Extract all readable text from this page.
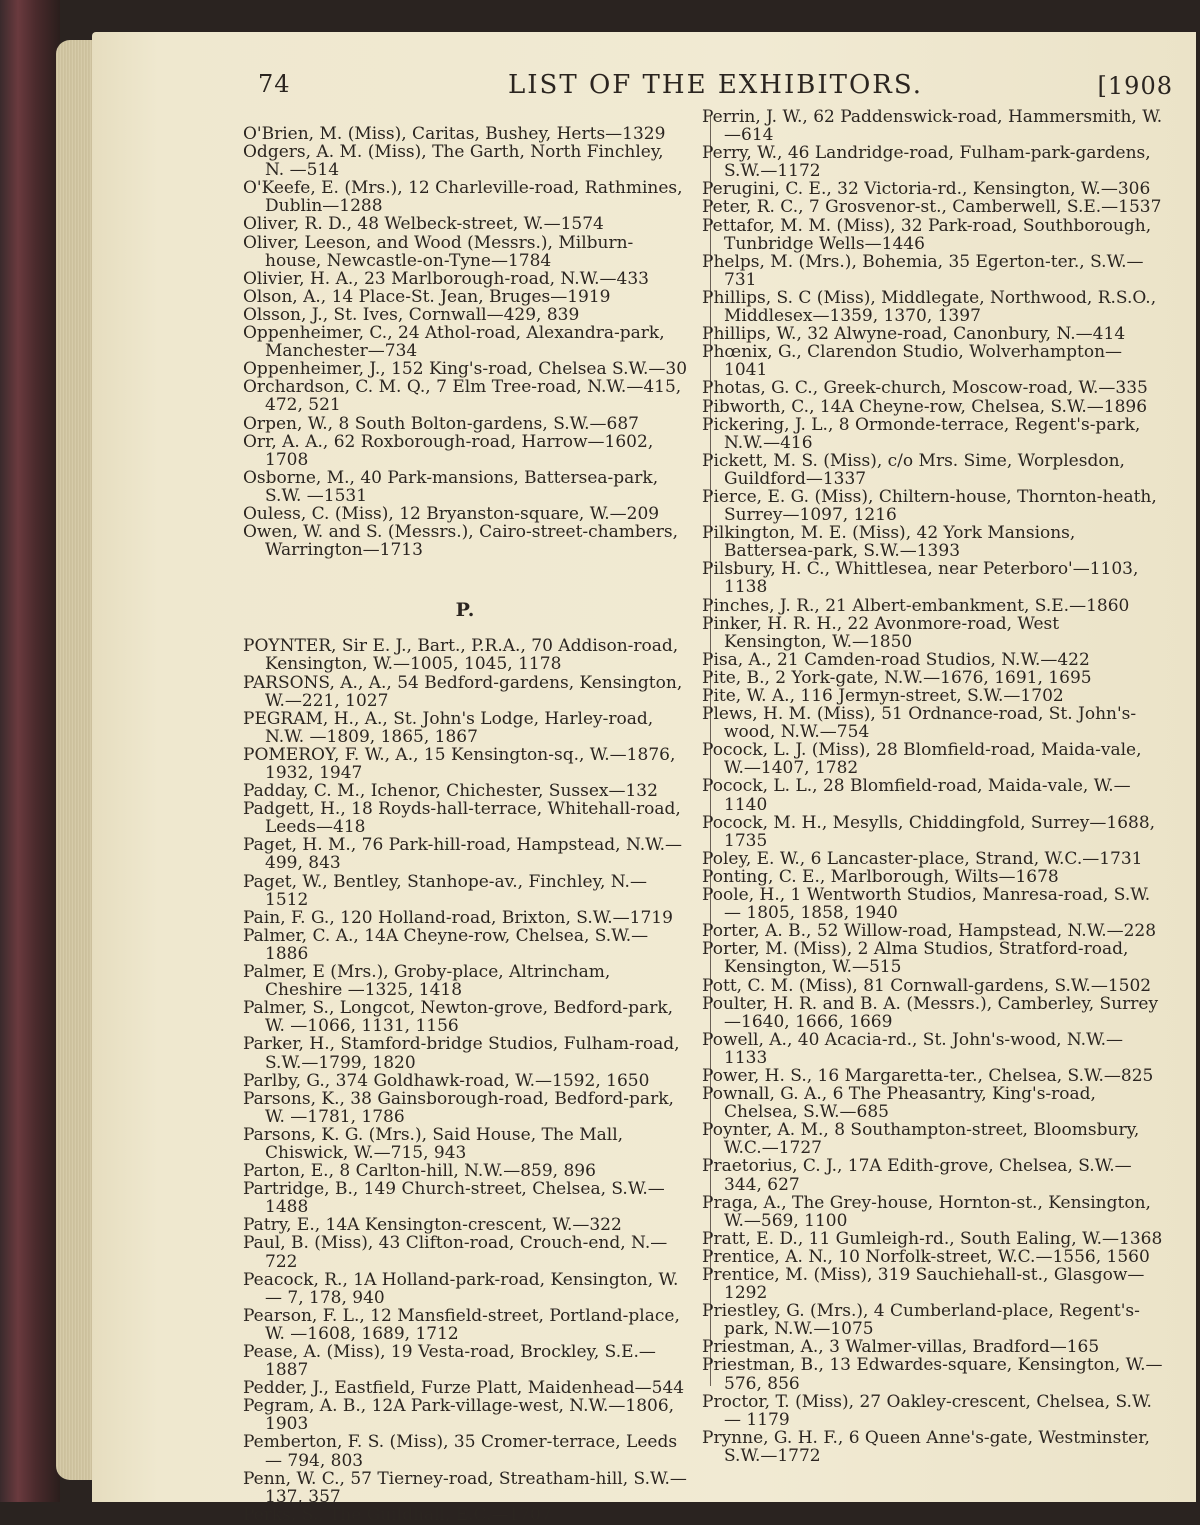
74	LIST OF THE EXHIBITORS.	[1908

O'Brien, M. (Miss), Caritas, Bushey, Herts—1329

Odgers, A. M. (Miss), The Garth, North Finchley, N. —514

O'Keefe, E. (Mrs.), 12 Charleville-road, Rathmines, Dublin—1288

Oliver, R. D., 48 Welbeck-street, W.—1574

Oliver, Leeson, and Wood (Messrs.), Milburn-house, Newcastle-on-Tyne—1784

Olivier, H. A., 23 Marlborough-road, N.W.—433

Olson, A., 14 Place-St. Jean, Bruges—1919

Olsson, J., St. Ives, Cornwall—429, 839

Oppenheimer, C., 24 Athol-road, Alexandra-park, Manchester—734

Oppenheimer, J., 152 King's-road, Chelsea S.W.—30

Orchardson, C. M. Q., 7 Elm Tree-road, N.W.—415, 472, 521

Orpen, W., 8 South Bolton-gardens, S.W.—687

Orr, A. A., 62 Roxborough-road, Harrow—1602, 1708

Osborne, M., 40 Park-mansions, Battersea-park, S.W. —1531

Ouless, C. (Miss), 12 Bryanston-square, W.—209

Owen, W. and S. (Messrs.), Cairo-street-chambers, Warrington—1713

P.

POYNTER, Sir E. J., Bart., P.R.A., 70 Addison-road, Kensington, W.—1005, 1045, 1178

PARSONS, A., A., 54 Bedford-gardens, Kensington, W.—221, 1027

PEGRAM, H., A., St. John's Lodge, Harley-road, N.W. —1809, 1865, 1867

POMEROY, F. W., A., 15 Kensington-sq., W.—1876, 1932, 1947

Padday, C. M., Ichenor, Chichester, Sussex—132

Padgett, H., 18 Royds-hall-terrace, Whitehall-road, Leeds—418

Paget, H. M., 76 Park-hill-road, Hampstead, N.W.— 499, 843

Paget, W., Bentley, Stanhope-av., Finchley, N.—1512

Pain, F. G., 120 Holland-road, Brixton, S.W.—1719

Palmer, C. A., 14A Cheyne-row, Chelsea, S.W.—1886

Palmer, E (Mrs.), Groby-place, Altrincham, Cheshire —1325, 1418

Palmer, S., Longcot, Newton-grove, Bedford-park, W. —1066, 1131, 1156

Parker, H., Stamford-bridge Studios, Fulham-road, S.W.—1799, 1820

Parlby, G., 374 Goldhawk-road, W.—1592, 1650

Parsons, K., 38 Gainsborough-road, Bedford-park, W. —1781, 1786

Parsons, K. G. (Mrs.), Said House, The Mall, Chiswick, W.—715, 943

Parton, E., 8 Carlton-hill, N.W.—859, 896

Partridge, B., 149 Church-street, Chelsea, S.W.—1488

Patry, E., 14A Kensington-crescent, W.—322

Paul, B. (Miss), 43 Clifton-road, Crouch-end, N.—722

Peacock, R., 1A Holland-park-road, Kensington, W.— 7, 178, 940

Pearson, F. L., 12 Mansfield-street, Portland-place, W. —1608, 1689, 1712

Pease, A. (Miss), 19 Vesta-road, Brockley, S.E.—1887

Pedder, J., Eastfield, Furze Platt, Maidenhead—544

Pegram, A. B., 12A Park-village-west, N.W.—1806, 1903

Pemberton, F. S. (Miss), 35 Cromer-terrace, Leeds— 794, 803

Penn, W. C., 57 Tierney-road, Streatham-hill, S.W.— 137, 357

Perks, S., The Guildhall, E.C.—1707

Perrin, J. W., 62 Paddenswick-road, Hammersmith, W.—614

Perry, W., 46 Landridge-road, Fulham-park-gardens, S.W.—1172

Perugini, C. E., 32 Victoria-rd., Kensington, W.—306

Peter, R. C., 7 Grosvenor-st., Camberwell, S.E.—1537

Pettafor, M. M. (Miss), 32 Park-road, Southborough, Tunbridge Wells—1446

Phelps, M. (Mrs.), Bohemia, 35 Egerton-ter., S.W.—731

Phillips, S. C (Miss), Middlegate, Northwood, R.S.O., Middlesex—1359, 1370, 1397

Phillips, W., 32 Alwyne-road, Canonbury, N.—414

Phœnix, G., Clarendon Studio, Wolverhampton—1041

Photas, G. C., Greek-church, Moscow-road, W.—335

Pibworth, C., 14A Cheyne-row, Chelsea, S.W.—1896

Pickering, J. L., 8 Ormonde-terrace, Regent's-park, N.W.—416

Pickett, M. S. (Miss), c/o Mrs. Sime, Worplesdon, Guildford—1337

Pierce, E. G. (Miss), Chiltern-house, Thornton-heath, Surrey—1097, 1216

Pilkington, M. E. (Miss), 42 York Mansions, Battersea-park, S.W.—1393

Pilsbury, H. C., Whittlesea, near Peterboro'—1103, 1138

Pinches, J. R., 21 Albert-embankment, S.E.—1860

Pinker, H. R. H., 22 Avonmore-road, West Kensington, W.—1850

Pisa, A., 21 Camden-road Studios, N.W.—422

Pite, B., 2 York-gate, N.W.—1676, 1691, 1695

Pite, W. A., 116 Jermyn-street, S.W.—1702

Plews, H. M. (Miss), 51 Ordnance-road, St. John's-wood, N.W.—754

Pocock, L. J. (Miss), 28 Blomfield-road, Maida-vale, W.—1407, 1782

Pocock, L. L., 28 Blomfield-road, Maida-vale, W.— 1140

Pocock, M. H., Mesylls, Chiddingfold, Surrey—1688, 1735

Poley, E. W., 6 Lancaster-place, Strand, W.C.—1731

Ponting, C. E., Marlborough, Wilts—1678

Poole, H., 1 Wentworth Studios, Manresa-road, S.W.— 1805, 1858, 1940

Porter, A. B., 52 Willow-road, Hampstead, N.W.—228

Porter, M. (Miss), 2 Alma Studios, Stratford-road, Kensington, W.—515

Pott, C. M. (Miss), 81 Cornwall-gardens, S.W.—1502

Poulter, H. R. and B. A. (Messrs.), Camberley, Surrey —1640, 1666, 1669

Powell, A., 40 Acacia-rd., St. John's-wood, N.W.—1133

Power, H. S., 16 Margaretta-ter., Chelsea, S.W.—825

Pownall, G. A., 6 The Pheasantry, King's-road, Chelsea, S.W.—685

Poynter, A. M., 8 Southampton-street, Bloomsbury, W.C.—1727

Praetorius, C. J., 17A Edith-grove, Chelsea, S.W.— 344, 627

Praga, A., The Grey-house, Hornton-st., Kensington, W.—569, 1100

Pratt, E. D., 11 Gumleigh-rd., South Ealing, W.—1368

Prentice, A. N., 10 Norfolk-street, W.C.—1556, 1560

Prentice, M. (Miss), 319 Sauchiehall-st., Glasgow—1292

Priestley, G. (Mrs.), 4 Cumberland-place, Regent's-park, N.W.—1075

Priestman, A., 3 Walmer-villas, Bradford—165

Priestman, B., 13 Edwardes-square, Kensington, W.— 576, 856

Proctor, T. (Miss), 27 Oakley-crescent, Chelsea, S.W.— 1179

Prynne, G. H. F., 6 Queen Anne's-gate, Westminster, S.W.—1772
